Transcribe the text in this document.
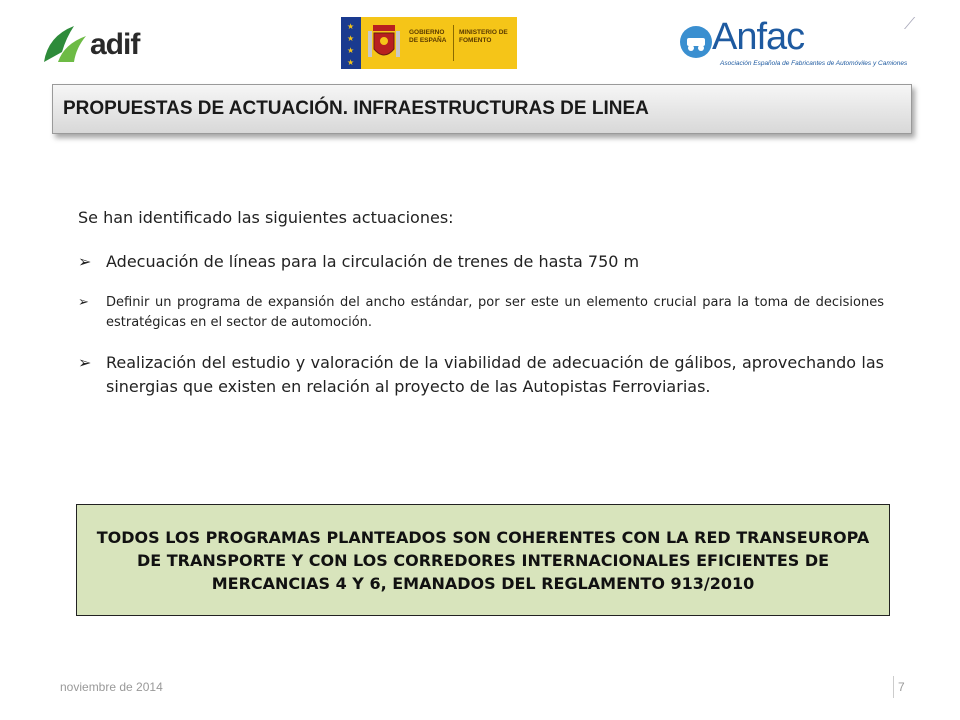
adif
★
★
★
★
GOBIERNO DE ESPAÑA
MINISTERIO DE FOMENTO	Anfac
Asociación Española de Fabricantes de Automóviles y Camiones
⟋
PROPUESTAS DE ACTUACIÓN. INFRAESTRUCTURAS DE LINEA

Se han identificado las siguientes actuaciones:

➢ Adecuación de líneas para la circulación de trenes de hasta 750 m
➢ Definir un programa de expansión del ancho estándar, por ser este un elemento crucial para la toma de decisiones estratégicas en el sector de automoción.
➢ Realización del estudio y valoración de la viabilidad de adecuación de gálibos, aprovechando las sinergias que existen en relación al proyecto de las Autopistas Ferroviarias.
TODOS LOS PROGRAMAS PLANTEADOS SON COHERENTES CON LA RED TRANSEUROPA DE TRANSPORTE Y CON LOS CORREDORES INTERNACIONALES EFICIENTES DE MERCANCIAS 4 Y 6, EMANADOS DEL REGLAMENTO 913/2010
noviembre de 2014	7
